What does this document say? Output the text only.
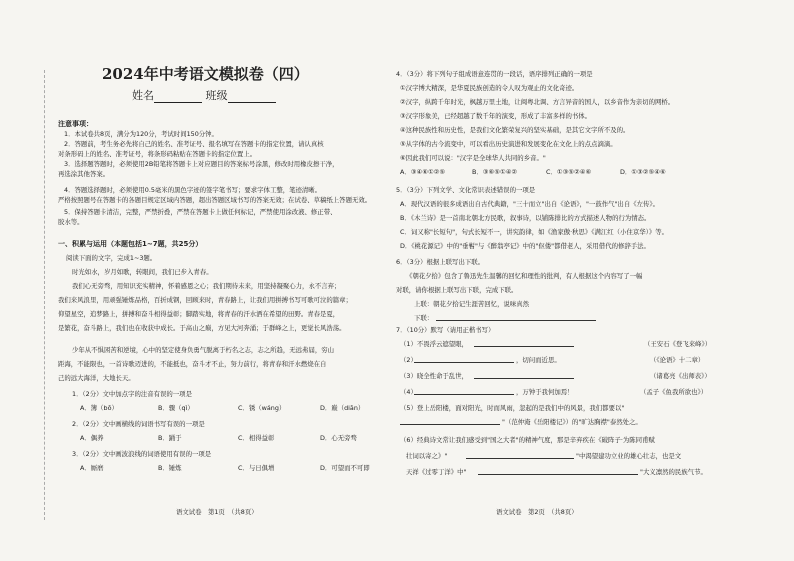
2024年中考语文模拟卷（四）
姓名	班级
注意事项：
1．本试卷共8页，满分为120分，考试时间150分钟。
2．答题前，考生务必先将自己的姓名、准考证号、报名填写在答题卡的指定位置，请认真核
对条形码上的姓名、准考证号，将条形码粘贴在答题卡的指定位置上。
3．选择题答题时，必须使用2B铅笔将答题卡上对应题目的答案标号涂黑，修改时用橡皮擦干净，
再选涂其他答案。
4．答题选择题时，必须使用0.5毫米的黑色字迹的签字笔书写；要求字体工整，笔迹清晰。
严格按照题号在答题卡的各题目规定区域内答题，超出答题区域书写的答案无效；在试卷、草稿纸上答题无效。
5．保持答题卡清洁，完整，严禁折叠，严禁在答题卡上做任何标记，严禁使用涂改液、修正带、
胶水等。
一、积累与运用（本题包括1~7题，共25分）
阅读下面的文字，完成1~3题。
时光如水，岁月如歌，转眼间，我们已步入青春。
我们心无旁骛，用知识充实精神，怀着感恩之心；我们期待未来，用坚持凝聚心力，永不言弃；
我们来风浪里，用顽强锤炼品格，百折成钢，回顾来时，青春路上，让我们用拼搏书写可歌可泣的篇章；
仰望星空，追梦路上，拼搏和奋斗相得益彰；脚踏实地，将青春的汗水洒在希望的田野。青春是夏，
是繁花，奋斗路上，我们也在收获中成长。于高山之巅，方见大河奔涌；于群峰之上，更觉长风浩荡。
少年从不惧困苦和逆境，心中的坚定使身负勇气脱离于朽名之志，志之所趋，无远弗届，穷山
距海，不能限也，一首诗歌迈进的，不能抵也，奋斗才不止，努力前行，将青春和汗水燃烧在自
己的远大海洋，大地长天。
1．（2分）文中加点字的注音有误的一项是
A．簿（bō）	B．骤（qì）	C．锈（wáng）	D．巅（diān）
2．（2分）文中画横线的词语书写有误的一项是
A．偶养	B．踊于	C．相得益彰	D．心无旁骛
3．（2分）文中画波浪线的词语使用有误的一项是
A．厮磨	B．锤炼	C．与日俱增	D．可望而不可即
语文试卷　第1页　（共8页）
4．（3分）将下列句子组成语意连贯的一段话，语序排列正确的一项是
①汉字博大精深，是华夏民族创造的令人叹为观止的文化奇迹。
②汉字，纵跨千年时光，枫越万里土地，让闽粤北调、方言异音的国人，以乡音作为亲切的网桥。
③汉字形象美，已经超越了数千年的演变，形成了丰富多样的书体。
④这种民族性和历史性，是我们文化繁荣复兴的坚实基础，是其它文字所不及的。
⑤从字体的古今流变中，可以看出历史演进和发展变化在文化上的点点滴滴。
⑥因此我们可以说："汉字是全球华人共同的乡音。"
A．③④⑥①②⑤	B．③⑥⑤①④②	C．①③⑤②④⑥	D．①③②⑤④⑥
5．（3分）下列文学、文化常识表述错误的一项是
A．现代汉语的很多成语出自古代典籍，"三十而立"出自《论语》，"一鼓作气"出自《左传》。
B．《木兰诗》是一首南北朝北方民歌，叙事诗，以铺陈排比的方式描述人物的行为情态。
C．词又称"长短句"，句式长短不一，讲究韵律，如《渔家傲·秋思》《满江红（小住京华）》等。
D．《桃花源记》中的"垂髫"与《醉翁亭记》中的"伛偻"都借老人，采用借代的修辞手法。
6．（3分）根据上联写出下联。
《朝花夕拾》包含了鲁迅先生温馨的回忆和理性的批判，有人根据这个内容写了一幅
对联，请你根据上联写出下联，完成下联。
上联：朝花夕拾记生涯苦回忆，说味真然
下联：
7．（10分）默写（请用正楷书写）
（1）不畏浮云遮望眼，	（王安石《登飞来峰》）
（2）	，切问而近思。	（《论语》十二章）
（3）晓全性命于乱世，	（诸葛亮《出师表》）
（4）	，万钟于我何加焉！	（孟子《鱼我所欲也》）
（5）登上岳阳楼，面对阳光，时而风雨，忽起的是我们中的风景，我们都要以"
"（范仲淹《岳阳楼记》）的"旷达胸襟"泰然处之。
（6）经典诗文常让我们感受到"国之大者"的精神气度，那是辛弃疾在《破阵子·为陈同甫赋
壮词以寄之》"	"中渴望建功立业的雄心壮志，也是文
天祥《过零丁洋》中"	"大义凛然的民族气节。
语文试卷　第2页　（共8页）
